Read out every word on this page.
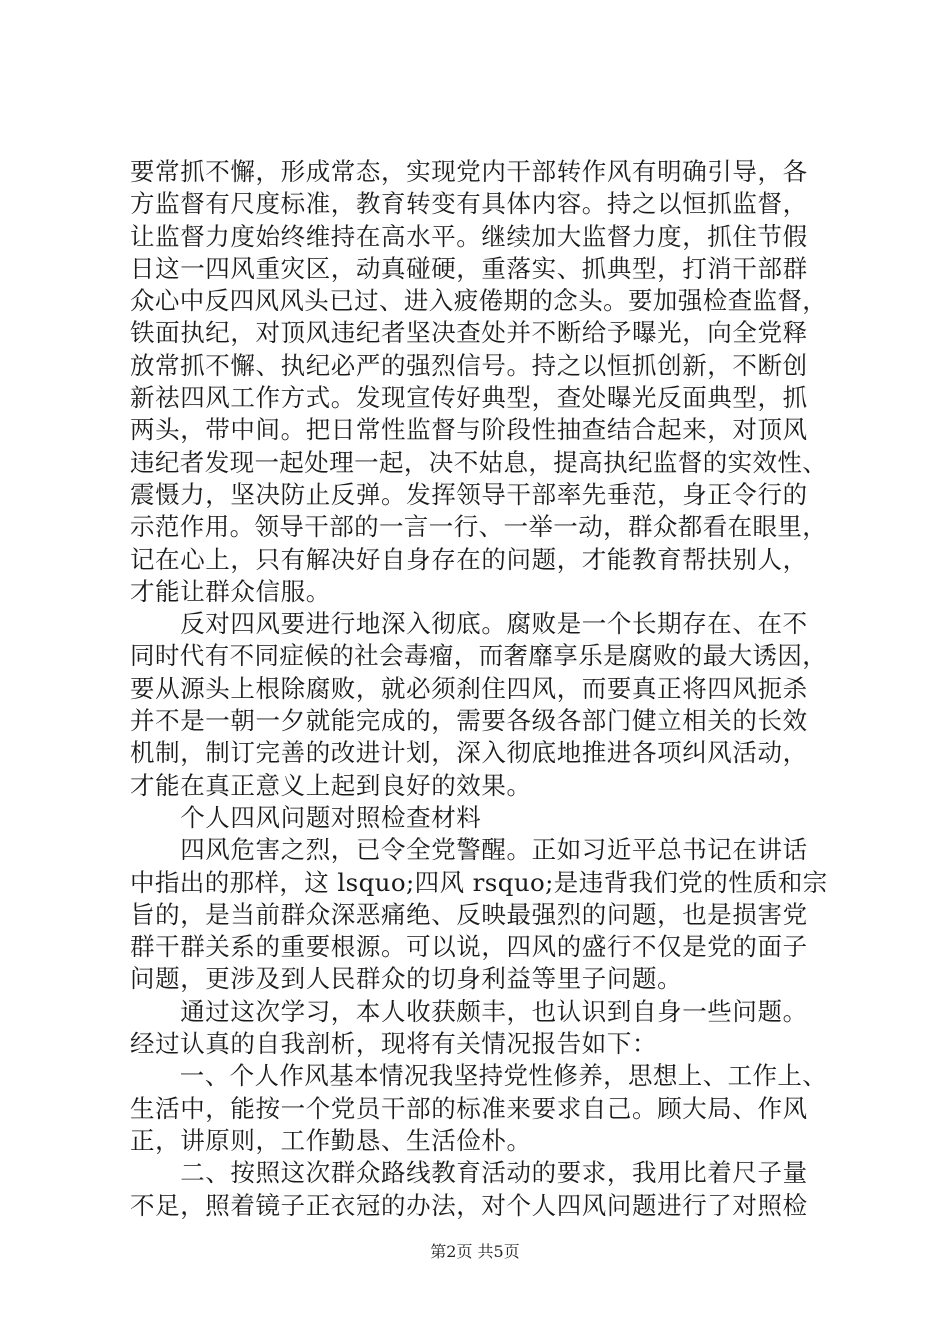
要常抓不懈，形成常态，实现党内干部转作风有明确引导，各
方监督有尺度标准，教育转变有具体内容。持之以恒抓监督，
让监督力度始终维持在高水平。继续加大监督力度，抓住节假
日这一四风重灾区，动真碰硬，重落实、抓典型，打消干部群
众心中反四风风头已过、进入疲倦期的念头。要加强检查监督，
铁面执纪，对顶风违纪者坚决查处并不断给予曝光，向全党释
放常抓不懈、执纪必严的强烈信号。持之以恒抓创新，不断创
新祛四风工作方式。发现宣传好典型，查处曝光反面典型，抓
两头，带中间。把日常性监督与阶段性抽查结合起来，对顶风
违纪者发现一起处理一起，决不姑息，提高执纪监督的实效性、
震慑力，坚决防止反弹。发挥领导干部率先垂范，身正令行的
示范作用。领导干部的一言一行、一举一动，群众都看在眼里，
记在心上，只有解决好自身存在的问题，才能教育帮扶别人，
才能让群众信服。
　　反对四风要进行地深入彻底。腐败是一个长期存在、在不
同时代有不同症候的社会毒瘤，而奢靡享乐是腐败的最大诱因，
要从源头上根除腐败，就必须刹住四风，而要真正将四风扼杀
并不是一朝一夕就能完成的，需要各级各部门健立相关的长效
机制，制订完善的改进计划，深入彻底地推进各项纠风活动，
才能在真正意义上起到良好的效果。
　　个人四风问题对照检查材料
　　四风危害之烈，已令全党警醒。正如习近平总书记在讲话
中指出的那样，这 lsquo;四风 rsquo;是违背我们党的性质和宗
旨的，是当前群众深恶痛绝、反映最强烈的问题，也是损害党
群干群关系的重要根源。可以说，四风的盛行不仅是党的面子
问题，更涉及到人民群众的切身利益等里子问题。
　　通过这次学习，本人收获颇丰，也认识到自身一些问题。
经过认真的自我剖析，现将有关情况报告如下：
　　一、个人作风基本情况我坚持党性修养，思想上、工作上、
生活中，能按一个党员干部的标准来要求自己。顾大局、作风
正，讲原则，工作勤恳、生活俭朴。
　　二、按照这次群众路线教育活动的要求，我用比着尺子量
不足，照着镜子正衣冠的办法，对个人四风问题进行了对照检
第2页 共5页
